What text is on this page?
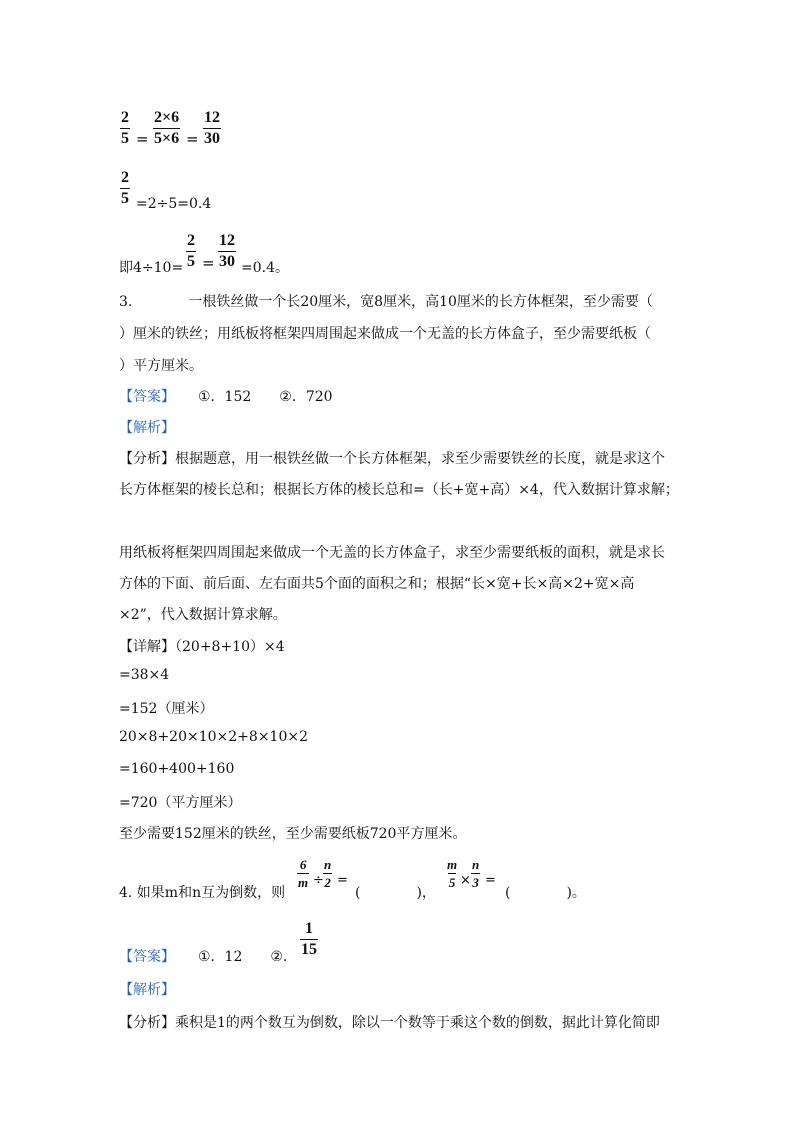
$\frac{2}{5} = \frac{2\times 6}{5\times 6} = \frac{12}{30}$
$\frac{2}{5} =2\div 5=0.4$
即$4\div 10= \frac{2}{5} = \frac{12}{30} =0.4$。
3.　　　　一根铁丝做一个长20厘米，宽8厘米，高10厘米的长方体框架，至少需要（
）厘米的铁丝；用纸板将框架四周围起来做成一个无盖的长方体盒子，至少需要纸板（
）平方厘米。
【答案】 ①．152　　②．720
【解析】
【分析】根据题意，用一根铁丝做一个长方体框架，求至少需要铁丝的长度，就是求这个
长方体框架的棱长总和；根据长方体的棱长总和=（长+宽+高）×4，代入数据计算求解；
用纸板将框架四周围起来做成一个无盖的长方体盒子，求至少需要纸板的面积，就是求长
方体的下面、前后面、左右面共5个面的面积之和；根据“长×宽+长×高×2+宽×高
×2”，代入数据计算求解。
【详解】（20+8+10）×4
=38×4
=152（厘米）
20×8+20×10×2+8×10×2
=160+400+160
=720（平方厘米）
至少需要152厘米的铁丝，至少需要纸板720平方厘米。
4. 如果m和n互为倒数，则
$\frac{6}{m} \div \frac{n}{2}$ =
(　　　　)，
$\frac{m}{5} \times \frac{n}{3}$ =
(　　　　)。
【答案】 ①．12　　②． $\frac{1}{15}$
【解析】
【分析】乘积是1的两个数互为倒数，除以一个数等于乘这个数的倒数，据此计算化简即
